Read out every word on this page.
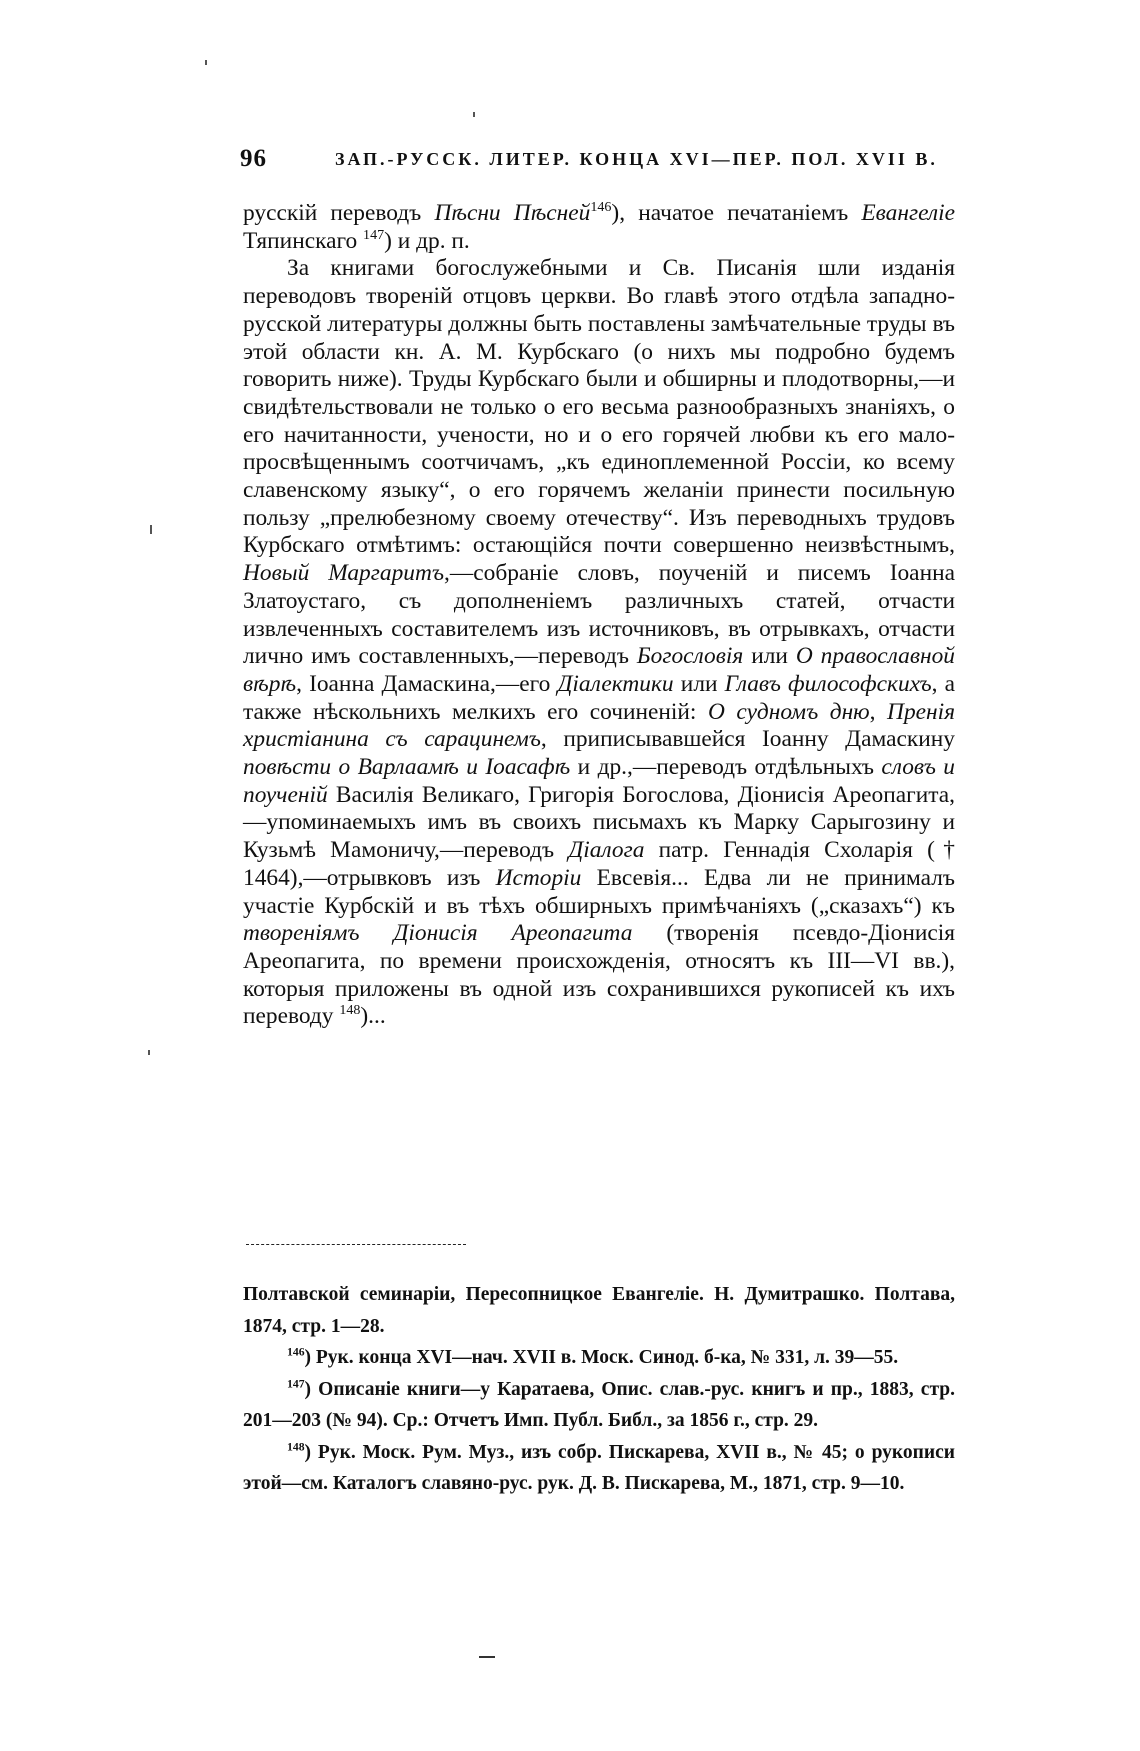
96	ЗАП.-РУССК. ЛИТЕР. КОНЦА XVI—ПЕР. ПОЛ. XVII В.

русскій переводъ Пѣсни Пѣсней$^{146}$), начатое печатаніемъ Евангеліе Тяпинскаго $^{147}$) и др. п.

За книгами богослужебными и Св. Писанія шли изданія переводовъ творенiй отцовъ церкви. Во главѣ этого отдѣла западно-русской литературы должны быть поставлены замѣчательные труды въ этой области кн. А. М. Курбскаго (о нихъ мы подробно будемъ говорить ниже). Труды Курбскаго были и обширны и плодотворны,—и свидѣтельствовали не только о его весьма разнообразныхъ знаніяхъ, о его начитанности, учености, но и о его горячей любви къ его мало-просвѣщеннымъ соотчичамъ, „къ единоплеменной Россіи, ко всему славенскому языку“, о его горячемъ желаніи принести посильную пользу „прелюбезному своему отечеству“. Изъ переводныхъ трудовъ Курбскаго отмѣтимъ: остающійся почти совершенно неизвѣстнымъ, Новый Маргаритъ,—собраніе словъ, поученій и писемъ Іоанна Златоустаго, съ дополненіемъ различныхъ статей, отчасти извлеченныхъ составителемъ изъ источниковъ, въ отрывкахъ, отчасти лично имъ составленныхъ,—переводъ Богословія или О православной вѣрѣ, Іоанна Дамаскина,—его Діалектики или Главъ философскихъ, а также нѣскольнихъ мелкихъ его сочиненій: О судномъ дню, Пренія христіанина съ сарацинемъ, приписывавшейся Іоанну Дамаскину повѣсти о Варлаамѣ и Іоасафѣ и др.,—переводъ отдѣльныхъ словъ и поученій Василія Великаго, Григорія Богослова, Діонисія Ареопагита,—упоминаемыхъ имъ въ своихъ письмахъ къ Марку Сарыгозину и Кузьмѣ Мамоничу,—переводъ Діалога патр. Геннадія Схоларія († 1464),—отрывковъ изъ Исторіи Евсевія... Едва ли не принималъ участіе Курбскій и въ тѣхъ обширныхъ примѣчаніяхъ („сказахъ“) къ твореніямъ Діонисія Ареопагита (творенія псевдо-Діонисія Ареопагита, по времени происхожденія, относятъ къ III—VI вв.), которыя приложены въ одной изъ сохранившихся рукописей къ ихъ переводу $^{148}$)...

Полтавской семинаріи, Пересопницкое Евангеліе. Н. Думитрашко. Полтава, 1874, стр. 1—28.

$^{146}$) Рук. конца XVI—нач. XVII в. Моск. Синод. б-ка, № 331, л. 39—55.

$^{147}$) Описаніе книги—у Каратаева, Опис. слав.-рус. книгъ и пр., 1883, стр. 201—203 (№ 94). Ср.: Отчетъ Имп. Публ. Библ., за 1856 г., стр. 29.

$^{148}$) Рук. Моск. Рум. Муз., изъ собр. Пискарева, XVII в., № 45; о рукописи этой—см. Каталогъ славяно-рус. рук. Д. В. Пискарева, М., 1871, стр. 9—10.
